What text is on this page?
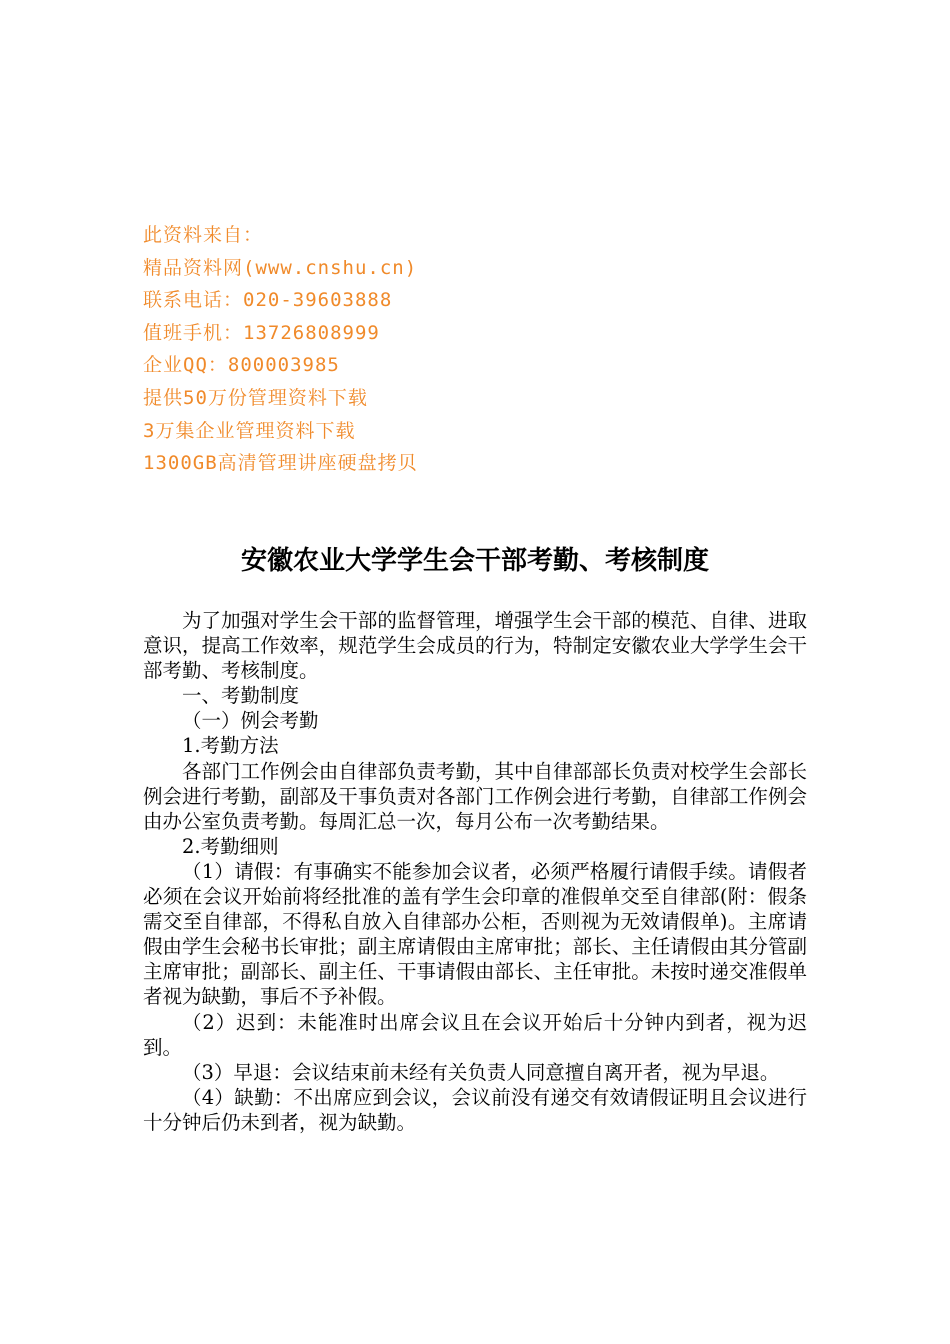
此资料来自：
精品资料网(www.cnshu.cn)
联系电话：020-39603888
值班手机：13726808999
企业QQ：800003985
提供50万份管理资料下载
3万集企业管理资料下载
1300GB高清管理讲座硬盘拷贝
安徽农业大学学生会干部考勤、考核制度

为了加强对学生会干部的监督管理，增强学生会干部的模范、自律、进取意识，提高工作效率，规范学生会成员的行为，特制定安徽农业大学学生会干部考勤、考核制度。

一、考勤制度

（一）例会考勤

1.考勤方法

各部门工作例会由自律部负责考勤，其中自律部部长负责对校学生会部长例会进行考勤，副部及干事负责对各部门工作例会进行考勤，自律部工作例会由办公室负责考勤。每周汇总一次，每月公布一次考勤结果。

2.考勤细则

（1）请假：有事确实不能参加会议者，必须严格履行请假手续。请假者必须在会议开始前将经批准的盖有学生会印章的准假单交至自律部(附：假条需交至自律部，不得私自放入自律部办公柜，否则视为无效请假单)。主席请假由学生会秘书长审批；副主席请假由主席审批；部长、主任请假由其分管副主席审批；副部长、副主任、干事请假由部长、主任审批。未按时递交准假单者视为缺勤，事后不予补假。

（2）迟到：未能准时出席会议且在会议开始后十分钟内到者，视为迟到。

（3）早退：会议结束前未经有关负责人同意擅自离开者，视为早退。

（4）缺勤：不出席应到会议，会议前没有递交有效请假证明且会议进行十分钟后仍未到者，视为缺勤。
